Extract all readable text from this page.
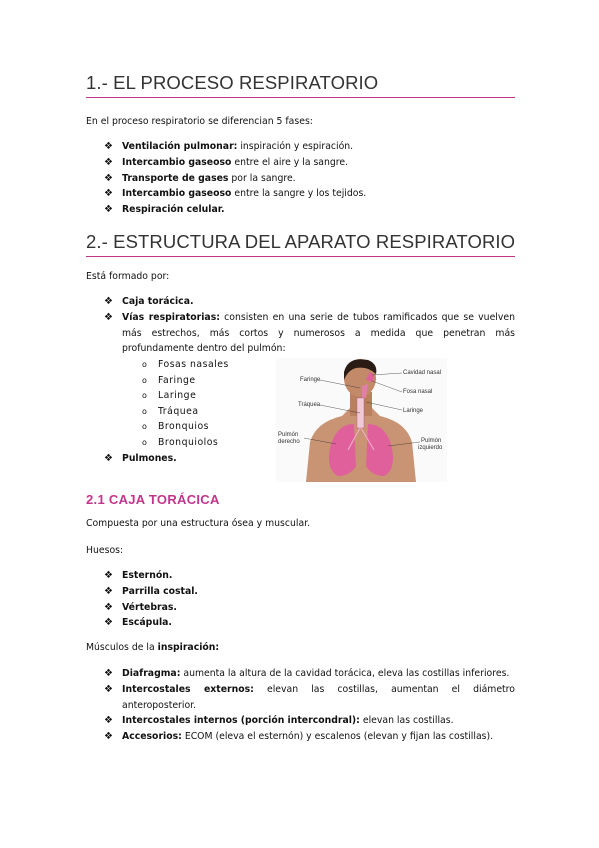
1.- EL PROCESO RESPIRATORIO

En el proceso respiratorio se diferencian 5 fases:

❖ Ventilación pulmonar: inspiración y espiración.
❖ Intercambio gaseoso entre el aire y la sangre.
❖ Transporte de gases por la sangre.
❖ Intercambio gaseoso entre la sangre y los tejidos.
❖ Respiración celular.
2.- ESTRUCTURA DEL APARATO RESPIRATORIO

Está formado por:

❖ Caja torácica.
❖ Vías respiratorias: consisten en una serie de tubos ramificados que se vuelven más estrechos, más cortos y numerosos a medida que penetran más profundamente dentro del pulmón:
o Fosas nasales
o Faringe
o Laringe
o Tráquea
o Bronquios
o Bronquiolos
❖ Pulmones.
Faringe
Tráquea
Pulmón
derecho
Cavidad nasal
Fosa nasal
Laringe
Pulmón
izquierdo
2.1 CAJA TORÁCICA

Compuesta por una estructura ósea y muscular.

Huesos:

❖ Esternón.
❖ Parrilla costal.
❖ Vértebras.
❖ Escápula.

Músculos de la inspiración:

❖ Diafragma: aumenta la altura de la cavidad torácica, eleva las costillas inferiores.
❖ Intercostales externos: elevan las costillas, aumentan el diámetro anteroposterior.
❖ Intercostales internos (porción intercondral): elevan las costillas.
❖ Accesorios: ECOM (eleva el esternón) y escalenos (elevan y fijan las costillas).
